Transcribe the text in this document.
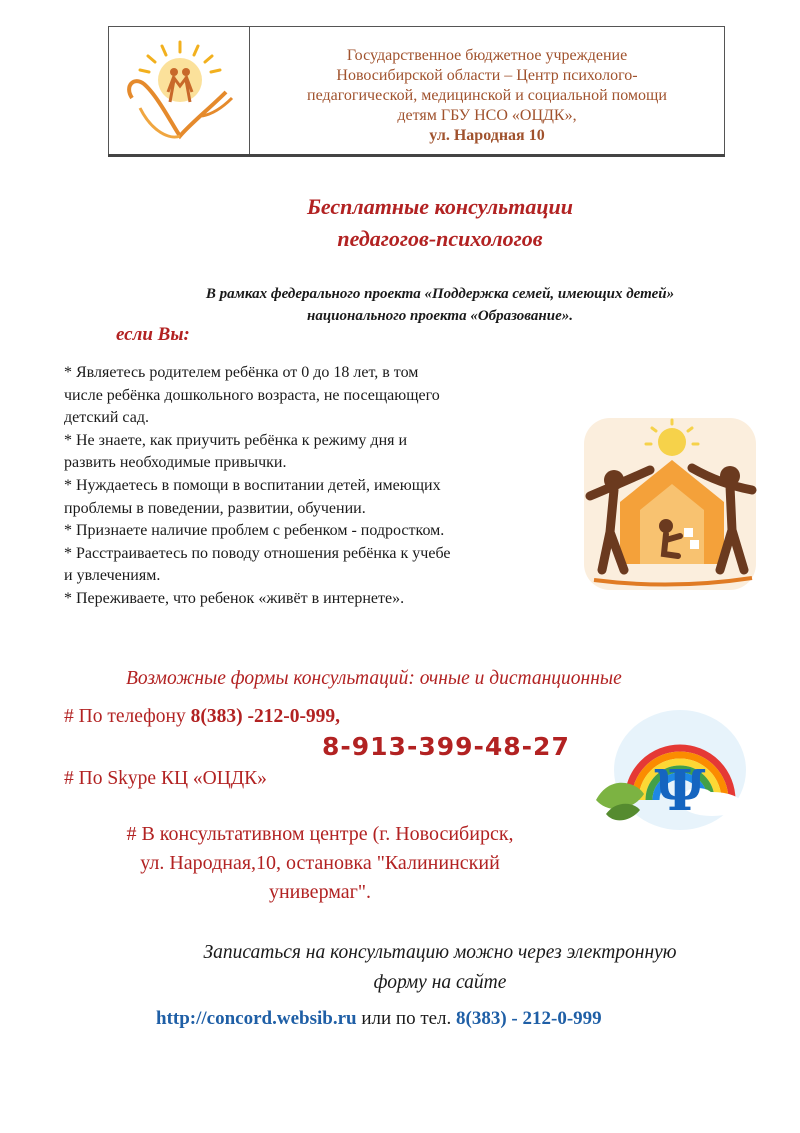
Государственное бюджетное учреждение
Новосибирской области – Центр психолого-
педагогической, медицинской и социальной помощи
детям ГБУ НСО «ОЦДК»,
ул. Народная 10
Бесплатные консультации
педагогов-психологов
В рамках федерального проекта «Поддержка семей, имеющих детей»
национального проекта «Образование».
если Вы:
* Являетесь родителем ребёнка от 0 до 18 лет, в том
числе ребёнка дошкольного возраста, не посещающего
детский сад.
* Не знаете, как приучить ребёнка к режиму дня и
развить необходимые привычки.
* Нуждаетесь в помощи в воспитании детей, имеющих
проблемы в поведении, развитии, обучении.
* Признаете наличие проблем с ребенком - подростком.
* Расстраиваетесь по поводу отношения ребёнка к учебе
и увлечениям.
* Переживаете, что ребенок «живёт в интернете».
Возможные формы консультаций: очные и дистанционные
# По телефону 8(383) -212-0-999,
8-913-399-48-27
# По Skype КЦ «ОЦДК»
# В консультативном центре (г. Новосибирск,
ул. Народная,10, остановка "Калининский
универмаг".
Ψ
Записаться на консультацию можно через электронную
форму на сайте
http://concord.websib.ru или по тел. 8(383) - 212-0-999
